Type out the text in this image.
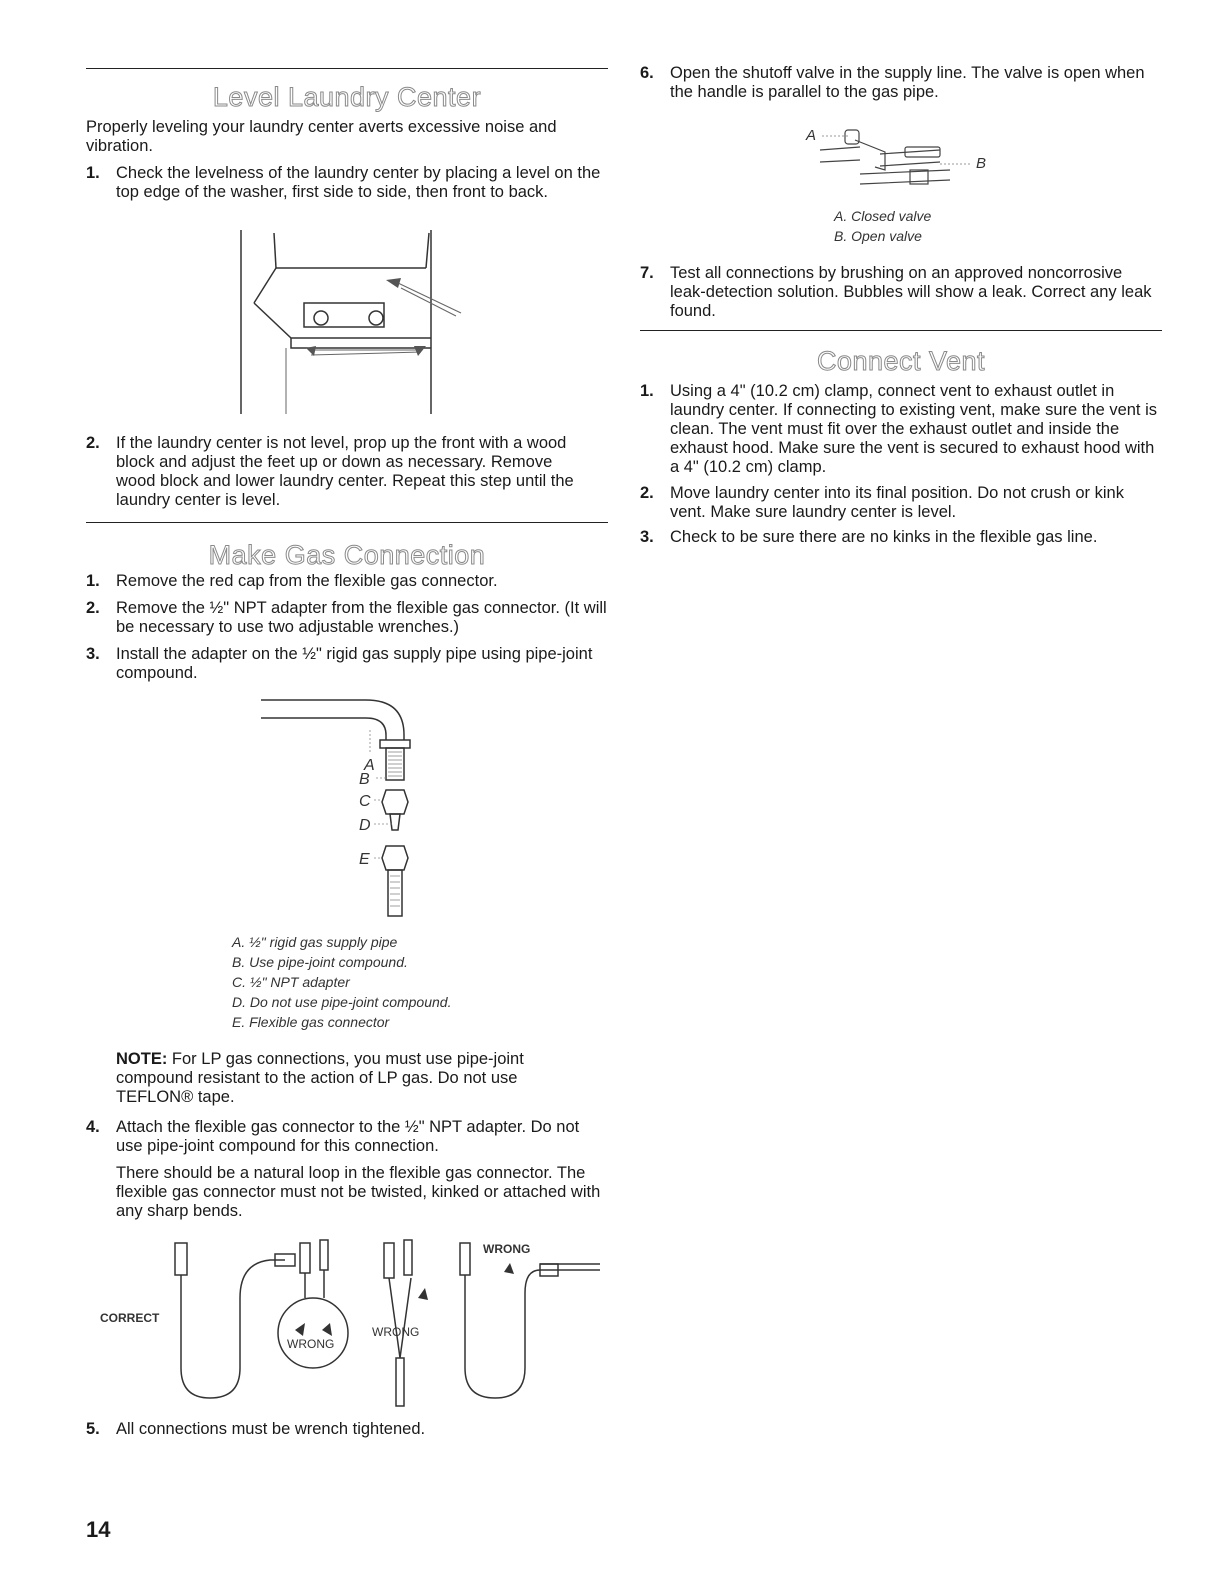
Level Laundry Center
Properly leveling your laundry center averts excessive noise and vibration.
1. Check the levelness of the laundry center by placing a level on the top edge of the washer, first side to side, then front to back.
2. If the laundry center is not level, prop up the front with a wood block and adjust the feet up or down as necessary. Remove wood block and lower laundry center. Repeat this step until the laundry center is level.
Make Gas Connection
1. Remove the red cap from the flexible gas connector.
2. Remove the ½" NPT adapter from the flexible gas connector. (It will be necessary to use two adjustable wrenches.)
3. Install the adapter on the ½" rigid gas supply pipe using pipe-joint compound.
A
B
C
D
E
A. ½" rigid gas supply pipe
B. Use pipe-joint compound.
C. ½" NPT adapter
D. Do not use pipe-joint compound.
E. Flexible gas connector
NOTE: For LP gas connections, you must use pipe-joint compound resistant to the action of LP gas. Do not use TEFLON® tape.
4. Attach the flexible gas connector to the ½" NPT adapter. Do not use pipe-joint compound for this connection.
There should be a natural loop in the flexible gas connector. The flexible gas connector must not be twisted, kinked or attached with any sharp bends.
CORRECT
WRONG
WRONG
WRONG
5. All connections must be wrench tightened.
14
6. Open the shutoff valve in the supply line. The valve is open when the handle is parallel to the gas pipe.
A
B
A. Closed valve
B. Open valve
7. Test all connections by brushing on an approved noncorrosive leak-detection solution. Bubbles will show a leak. Correct any leak found.
Connect Vent
1. Using a 4" (10.2 cm) clamp, connect vent to exhaust outlet in laundry center. If connecting to existing vent, make sure the vent is clean. The vent must fit over the exhaust outlet and inside the exhaust hood. Make sure the vent is secured to exhaust hood with a 4" (10.2 cm) clamp.
2. Move laundry center into its final position. Do not crush or kink vent. Make sure laundry center is level.
3. Check to be sure there are no kinks in the flexible gas line.
